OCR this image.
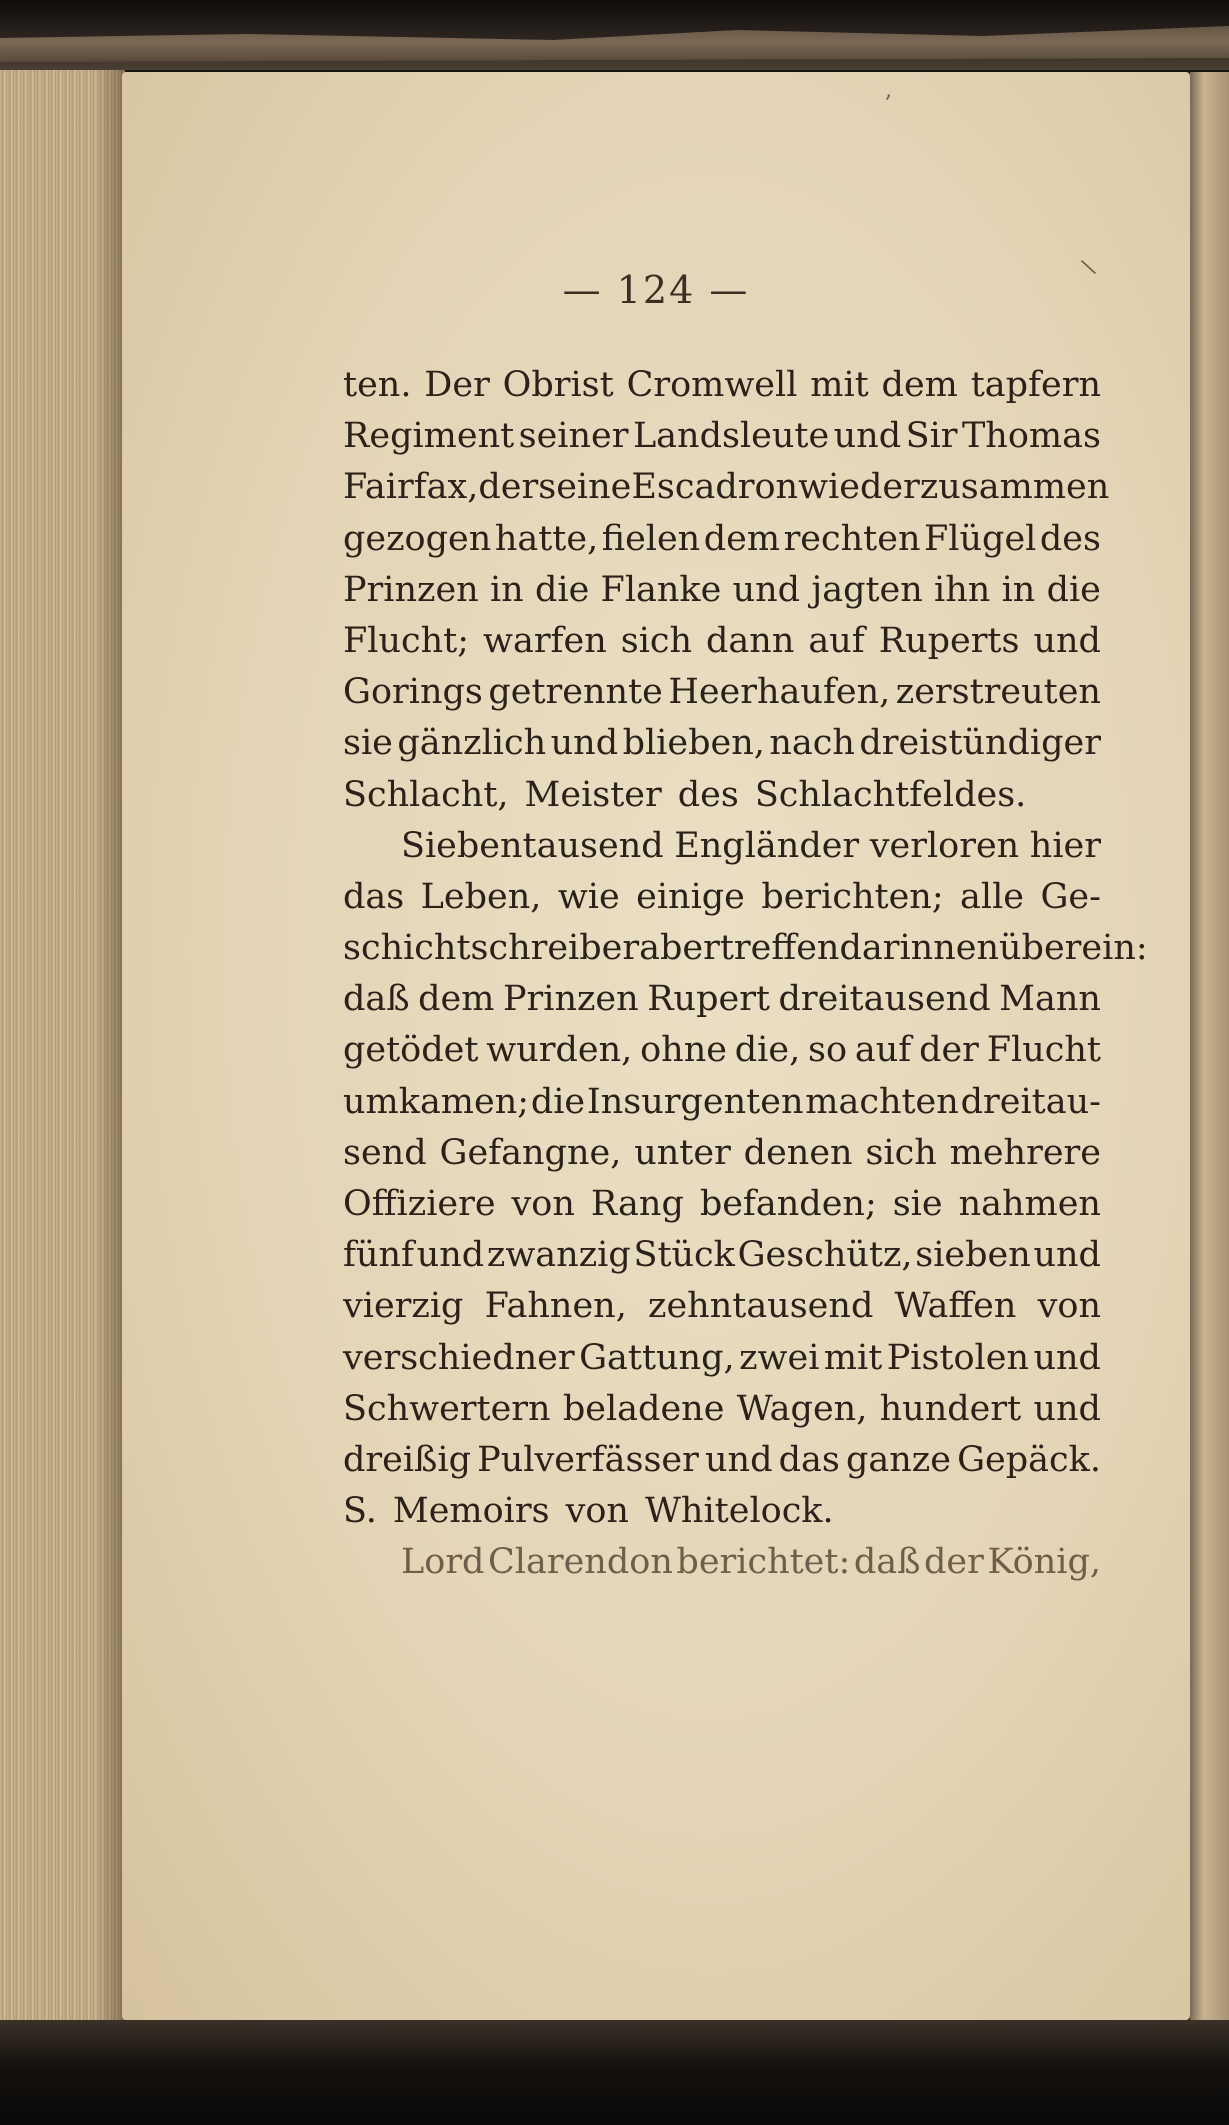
\
,
— 124 —
ten. Der Obrist Cromwell mit dem tapfern
Regiment seiner Landsleute und Sir Thomas
Fairfax, der seine Escadron wieder zusammen
gezogen hatte, fielen dem rechten Flügel des
Prinzen in die Flanke und jagten ihn in die
Flucht; warfen sich dann auf Ruperts und
Gorings getrennte Heerhaufen, zerstreuten
sie gänzlich und blieben, nach dreistündiger
Schlacht, Meister des Schlachtfeldes.
Siebentausend Engländer verloren hier
das Leben, wie einige berichten; alle Ge-
schichtschreiber aber treffen darinnen überein:
daß dem Prinzen Rupert dreitausend Mann
getödet wurden, ohne die, so auf der Flucht
umkamen; die Insurgenten machten dreitau-
send Gefangne, unter denen sich mehrere
Offiziere von Rang befanden; sie nahmen
fünf und zwanzig Stück Geschütz, sieben und
vierzig Fahnen, zehntausend Waffen von
verschiedner Gattung, zwei mit Pistolen und
Schwertern beladene Wagen, hundert und
dreißig Pulverfässer und das ganze Gepäck.
S. Memoirs von Whitelock.
Lord Clarendon berichtet: daß der König,
